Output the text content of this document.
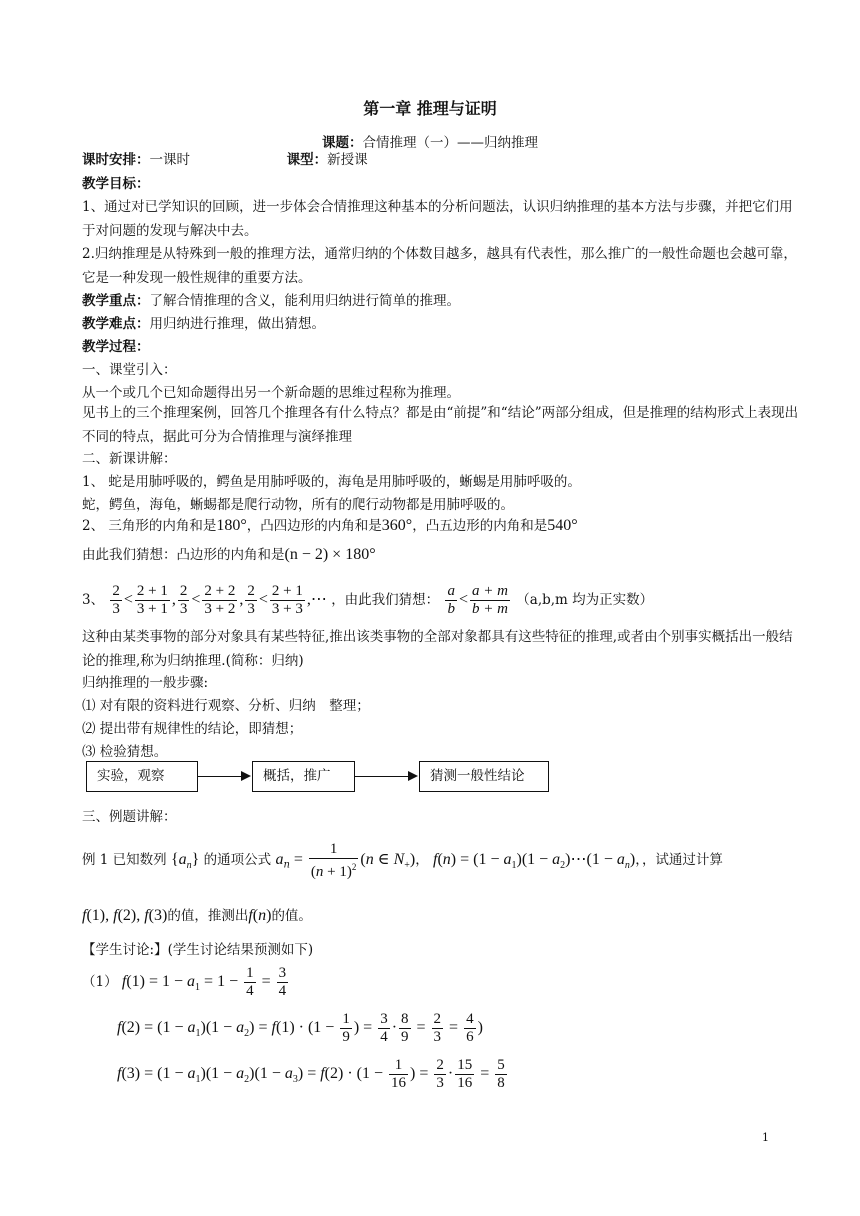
第一章 推理与证明
课题：合情推理（一）——归纳推理
课时安排：一课时	课型：新授课
教学目标：
1、通过对已学知识的回顾，进一步体会合情推理这种基本的分析问题法，认识归纳推理的基本方法与步骤，并把它们用于对问题的发现与解决中去。
2.归纳推理是从特殊到一般的推理方法，通常归纳的个体数目越多，越具有代表性，那么推广的一般性命题也会越可靠，它是一种发现一般性规律的重要方法。
教学重点：了解合情推理的含义，能利用归纳进行简单的推理。
教学难点：用归纳进行推理，做出猜想。
教学过程：
一、课堂引入：
从一个或几个已知命题得出另一个新命题的思维过程称为推理。
见书上的三个推理案例，回答几个推理各有什么特点？都是由“前提”和“结论”两部分组成，但是推理的结构形式上表现出不同的特点，据此可分为合情推理与演绎推理
二、新课讲解：
1、 蛇是用肺呼吸的，鳄鱼是用肺呼吸的，海龟是用肺呼吸的，蜥蜴是用肺呼吸的。
蛇，鳄鱼，海龟，蜥蜴都是爬行动物，所有的爬行动物都是用肺呼吸的。
2、 三角形的内角和是180°，凸四边形的内角和是360°，凸五边形的内角和是540°
由此我们猜想：凸边形的内角和是(n − 2) × 180°
3、 $\frac{2}{3} < \frac{2 + 1}{3 + 1}$ , $\frac{2}{3} < \frac{2 + 2}{3 + 2}$ , $\frac{2}{3} < \frac{2 + 1}{3 + 3}$ ,⋯ ，由此我们猜想： $\frac{a}{b} < \frac{a + m}{b + m} (a,b,m$ 均为正实数）
这种由某类事物的部分对象具有某些特征,推出该类事物的全部对象都具有这些特征的推理,或者由个别事实概括出一般结论的推理,称为归纳推理.(简称：归纳)
归纳推理的一般步骤:
⑴ 对有限的资料进行观察、分析、归纳　整理；
⑵ 提出带有规律性的结论，即猜想；
⑶ 检验猜想。
实验，观察	概括，推广	猜测一般性结论
三、例题讲解：
例 1 已知数列 $\{a_n\}$ 的通项公式 $a_n = \frac{1}{(n + 1)^2} (n$ ∈ $N_+$)， $f(n) = (1 - a_1)(1$ − $a_2)\cdots(1 - a_n)$，，试通过计算
f(1), f(2), f(3)的值，推测出f(n)的值。
【学生讨论:】(学生讨论结果预测如下)
（1） $f(1) = 1 - a_1 = 1 - \frac{1}{4} = \frac{3}{4}$
$f(2) = (1 - a_1)(1 - a_2) = f(1) \cdot (1 - \frac{1}{9}$ ) = $\frac{3}{4} \cdot \frac{8}{9} = \frac{2}{3} = \frac{4}{6}$ )
$f(3) = (1 - a_1)(1 - a_2)(1 - a_3) = f(2) \cdot (1 - \frac{1}{16}$ ) = $\frac{2}{3} \cdot \frac{15}{16} = \frac{5}{8}$
1
